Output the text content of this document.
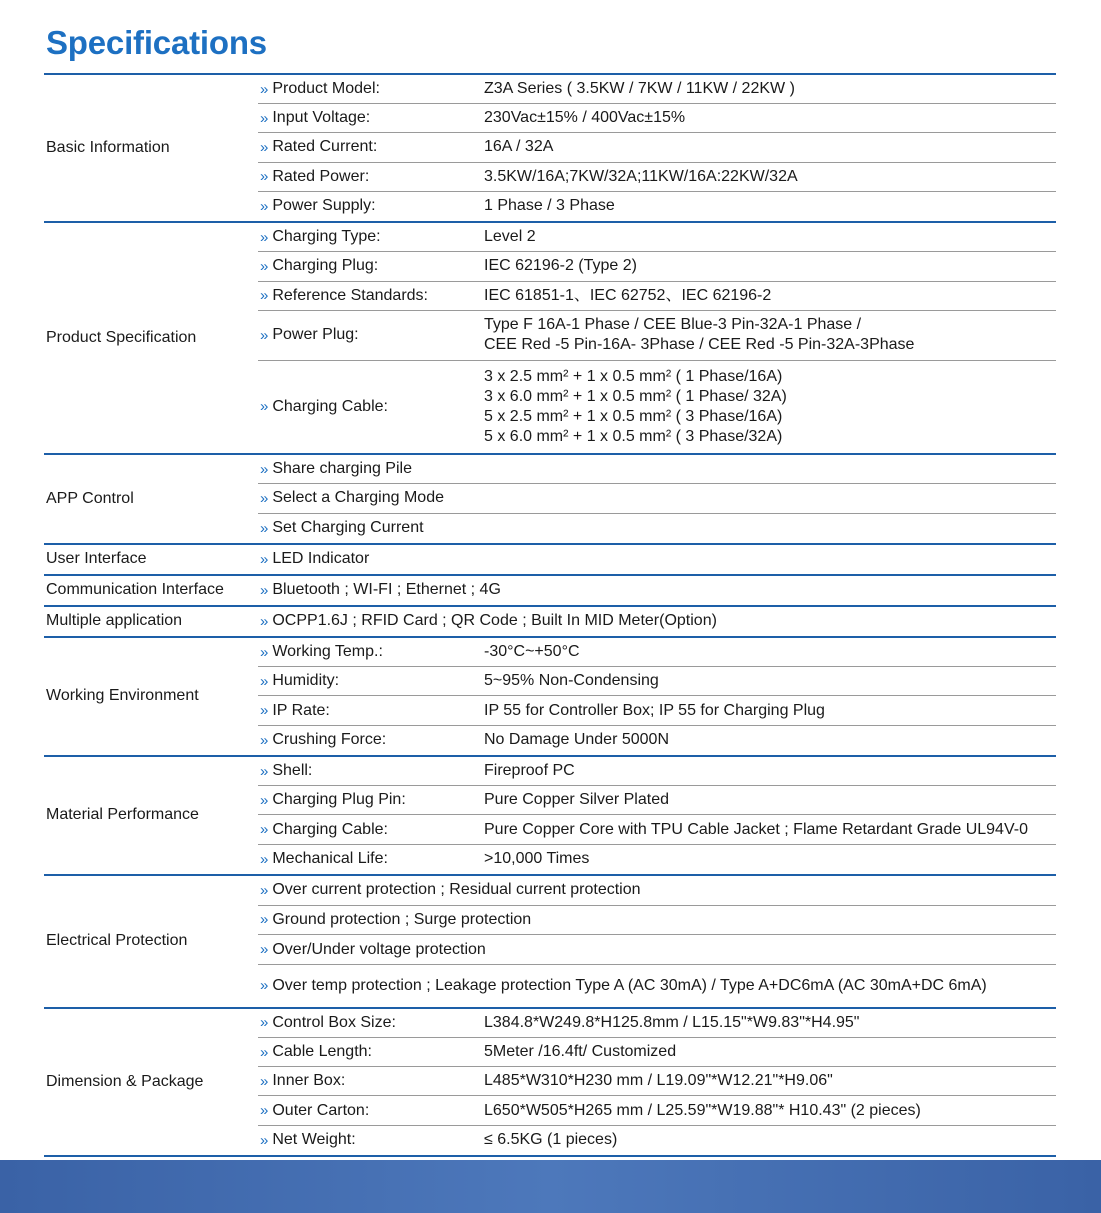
Specifications
Basic Information
» Product Model:	Z3A Series ( 3.5KW / 7KW / 11KW / 22KW )
» Input Voltage:	230Vac±15% / 400Vac±15%
» Rated Current:	16A / 32A
» Rated Power:	3.5KW/16A;7KW/32A;11KW/16A:22KW/32A
» Power Supply:	1 Phase / 3 Phase
Product Specification
» Charging Type:	Level 2
» Charging Plug:	IEC 62196-2 (Type 2)
» Reference Standards:	IEC 61851-1、IEC 62752、IEC 62196-2
» Power Plug:
Type F 16A-1 Phase / CEE Blue-3 Pin-32A-1 Phase /
CEE Red -5 Pin-16A- 3Phase / CEE Red -5 Pin-32A-3Phase
» Charging Cable:
3 x 2.5 mm² + 1 x 0.5 mm² ( 1 Phase/16A)
3 x 6.0 mm² + 1 x 0.5 mm² ( 1 Phase/ 32A)
5 x 2.5 mm² + 1 x 0.5 mm² ( 3 Phase/16A)
5 x 6.0 mm² + 1 x 0.5 mm² ( 3 Phase/32A)
APP Control
» Share charging Pile
» Select a Charging Mode
» Set Charging Current
User Interface	» LED Indicator
Communication Interface » Bluetooth ; WI-FI ; Ethernet ; 4G
Multiple application	» OCPP1.6J ; RFID Card ; QR Code ; Built In MID Meter(Option)
Working Environment
» Working Temp.:	-30°C~+50°C
» Humidity:	5~95% Non-Condensing
» IP Rate:	IP 55 for Controller Box; IP 55 for Charging Plug
» Crushing Force:	No Damage Under 5000N
Material Performance
» Shell:	Fireproof PC
» Charging Plug Pin:	Pure Copper Silver Plated
» Charging Cable:	Pure Copper Core with TPU Cable Jacket ; Flame Retardant Grade UL94V-0
» Mechanical Life:	>10,000 Times
Electrical Protection
» Over current protection ; Residual current protection
» Ground protection ; Surge protection
» Over/Under voltage protection
» Over temp protection ; Leakage protection Type A (AC 30mA) / Type A+DC6mA (AC 30mA+DC 6mA)
Dimension & Package
» Control Box Size:	L384.8*W249.8*H125.8mm / L15.15"*W9.83"*H4.95"
» Cable Length:	5Meter /16.4ft/ Customized
» Inner Box:	L485*W310*H230 mm / L19.09"*W12.21"*H9.06"
» Outer Carton:	L650*W505*H265 mm / L25.59"*W19.88"* H10.43" (2 pieces)
» Net Weight:	≤ 6.5KG (1 pieces)
